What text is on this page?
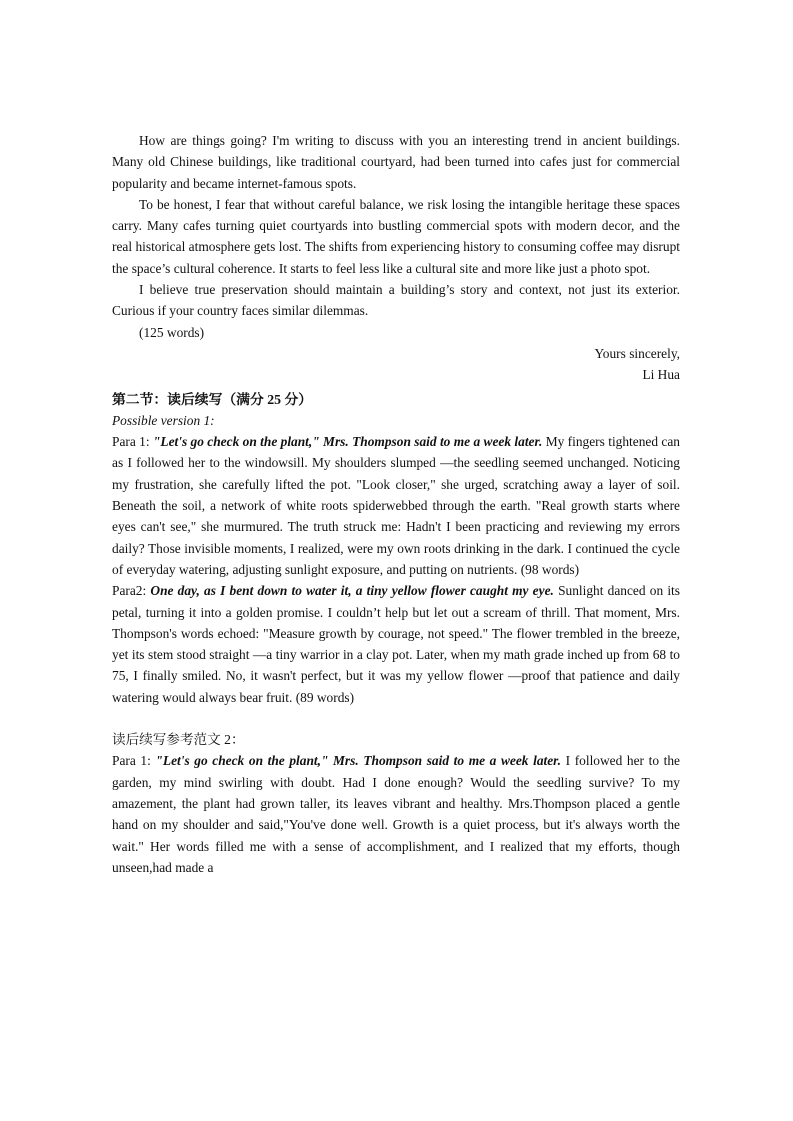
How are things going? I'm writing to discuss with you an interesting trend in ancient buildings. Many old Chinese buildings, like traditional courtyard, had been turned into cafes just for commercial popularity and became internet-famous spots.

To be honest, I fear that without careful balance, we risk losing the intangible heritage these spaces carry. Many cafes turning quiet courtyards into bustling commercial spots with modern decor, and the real historical atmosphere gets lost. The shifts from experiencing history to consuming coffee may disrupt the space’s cultural coherence. It starts to feel less like a cultural site and more like just a photo spot.

I believe true preservation should maintain a building’s story and context, not just its exterior. Curious if your country faces similar dilemmas.

(125 words)

Yours sincerely,

Li Hua

第二节：读后续写（满分 25 分）

Possible version 1:

Para 1: "Let's go check on the plant," Mrs. Thompson said to me a week later. My fingers tightened can as I followed her to the windowsill. My shoulders slumped —the seedling seemed unchanged. Noticing my frustration, she carefully lifted the pot. "Look closer," she urged, scratching away a layer of soil. Beneath the soil, a network of white roots spiderwebbed through the earth. "Real growth starts where eyes can't see," she murmured. The truth struck me: Hadn't I been practicing and reviewing my errors daily? Those invisible moments, I realized, were my own roots drinking in the dark. I continued the cycle of everyday watering, adjusting sunlight exposure, and putting on nutrients. (98 words)

Para2: One day, as I bent down to water it, a tiny yellow flower caught my eye. Sunlight danced on its petal, turning it into a golden promise. I couldn’t help but let out a scream of thrill. That moment, Mrs. Thompson's words echoed: "Measure growth by courage, not speed." The flower trembled in the breeze, yet its stem stood straight —a tiny warrior in a clay pot. Later, when my math grade inched up from 68 to 75, I finally smiled. No, it wasn't perfect, but it was my yellow flower —proof that patience and daily watering would always bear fruit. (89 words)

读后续写参考范文 2：

Para 1: "Let's go check on the plant," Mrs. Thompson said to me a week later. I followed her to the garden, my mind swirling with doubt. Had I done enough? Would the seedling survive? To my amazement, the plant had grown taller, its leaves vibrant and healthy. Mrs.Thompson placed a gentle hand on my shoulder and said,"You've done well. Growth is a quiet process, but it's always worth the wait." Her words filled me with a sense of accomplishment, and I realized that my efforts, though unseen,had made a
